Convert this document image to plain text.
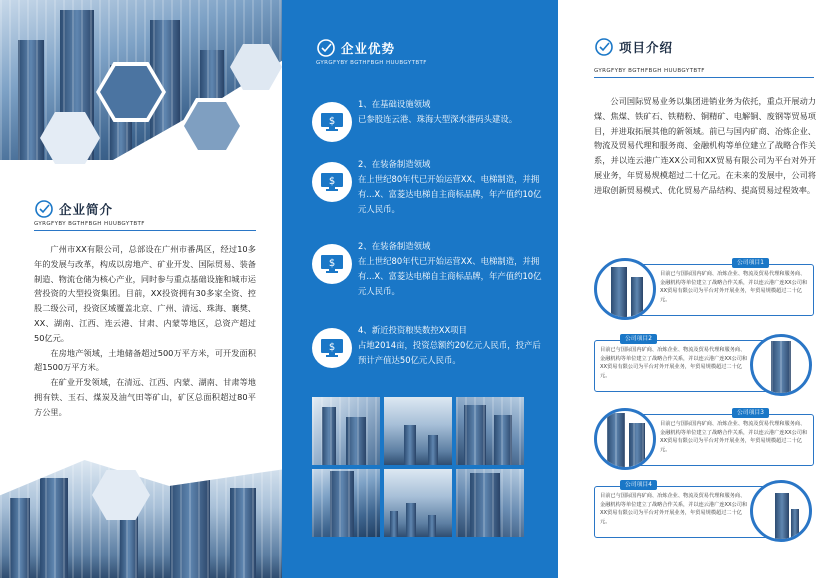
企业简介
GYRGFYBY BGTHFBGH HUUBGYTBTF

广州市XX有限公司，总部设在广州市番禺区，经过10多年的发展与改革，构成以房地产、矿业开发、国际贸易、装备制造、物流仓储为核心产业，同时参与重点基础设施和城市运营投资的大型投资集团。目前，XX投资拥有30多家全资、控股二级公司，投资区域覆盖北京、广州、清远、珠海、襄樊、XX、湖南、江西、连云港、甘肃、内蒙等地区，总资产超过50亿元。

在房地产领域，土地储备超过500万平方米，可开发面积超1500万平方米。

在矿业开发领域，在清远、江西、内蒙、湖南、甘肃等地拥有铁、玉石、煤炭及油气田等矿山，矿区总面积超过80平方公里。

企业优势
GYRGFYBY BGTHFBGH HUUBGYTBTF
$
1、在基础设施领域
已参股连云港、珠海大型深水港码头建设。
$
2、在装备制造领域
在上世纪80年代已开始运营XX、电梯制造，并拥有...X、富菱达电梯自主商标品牌，年产值约10亿元人民币。
$
2、在装备制造领域
在上世纪80年代已开始运营XX、电梯制造，并拥有...X、富菱达电梯自主商标品牌，年产值约10亿元人民币。
$
4、新近投资粮奘数控XX项目
占地2014亩，投资总额约20亿元人民币，投产后预计产值达50亿元人民币。
项目介绍
GYRGFYBY BGTHFBGH HUUBGYTBTF

公司国际贸易业务以集团进销业务为依托，重点开展动力煤、焦煤、铁矿石、铁精粉、铜精矿、电解铜、废钢等贸易项目，并进取拓展其他的新领域。前已与国内矿商、冶炼企业、物流及贸易代理和服务商、金融机构等单位建立了战略合作关系，并以连云港广连XX公司和XX贸易有限公司为平台对外开展业务，年贸易规模超过二十亿元。在未来的发展中，公司将进取创新贸易模式、优化贸易产品结构、提高贸易过程效率。

公司项目1
目前已与国际国内矿商、冶炼企业、物流及贸易代理和服务商、金融机构等单位建立了战略合作关系，并以连云港广连XX公司和XX贸易有限公司为平台对外开展业务，年贸易规模超过二十亿元。
公司项目2
目前已与国际国内矿商、冶炼企业、物流及贸易代理和服务商、金融机构等单位建立了战略合作关系，并以连云港广连XX公司和XX贸易有限公司为平台对外开展业务，年贸易规模超过二十亿元。
公司项目3
目前已与国际国内矿商、冶炼企业、物流及贸易代理和服务商、金融机构等单位建立了战略合作关系，并以连云港广连XX公司和XX贸易有限公司为平台对外开展业务，年贸易规模超过二十亿元。
公司项目4
目前已与国际国内矿商、冶炼企业、物流及贸易代理和服务商、金融机构等单位建立了战略合作关系，并以连云港广连XX公司和XX贸易有限公司为平台对外开展业务，年贸易规模超过二十亿元。
